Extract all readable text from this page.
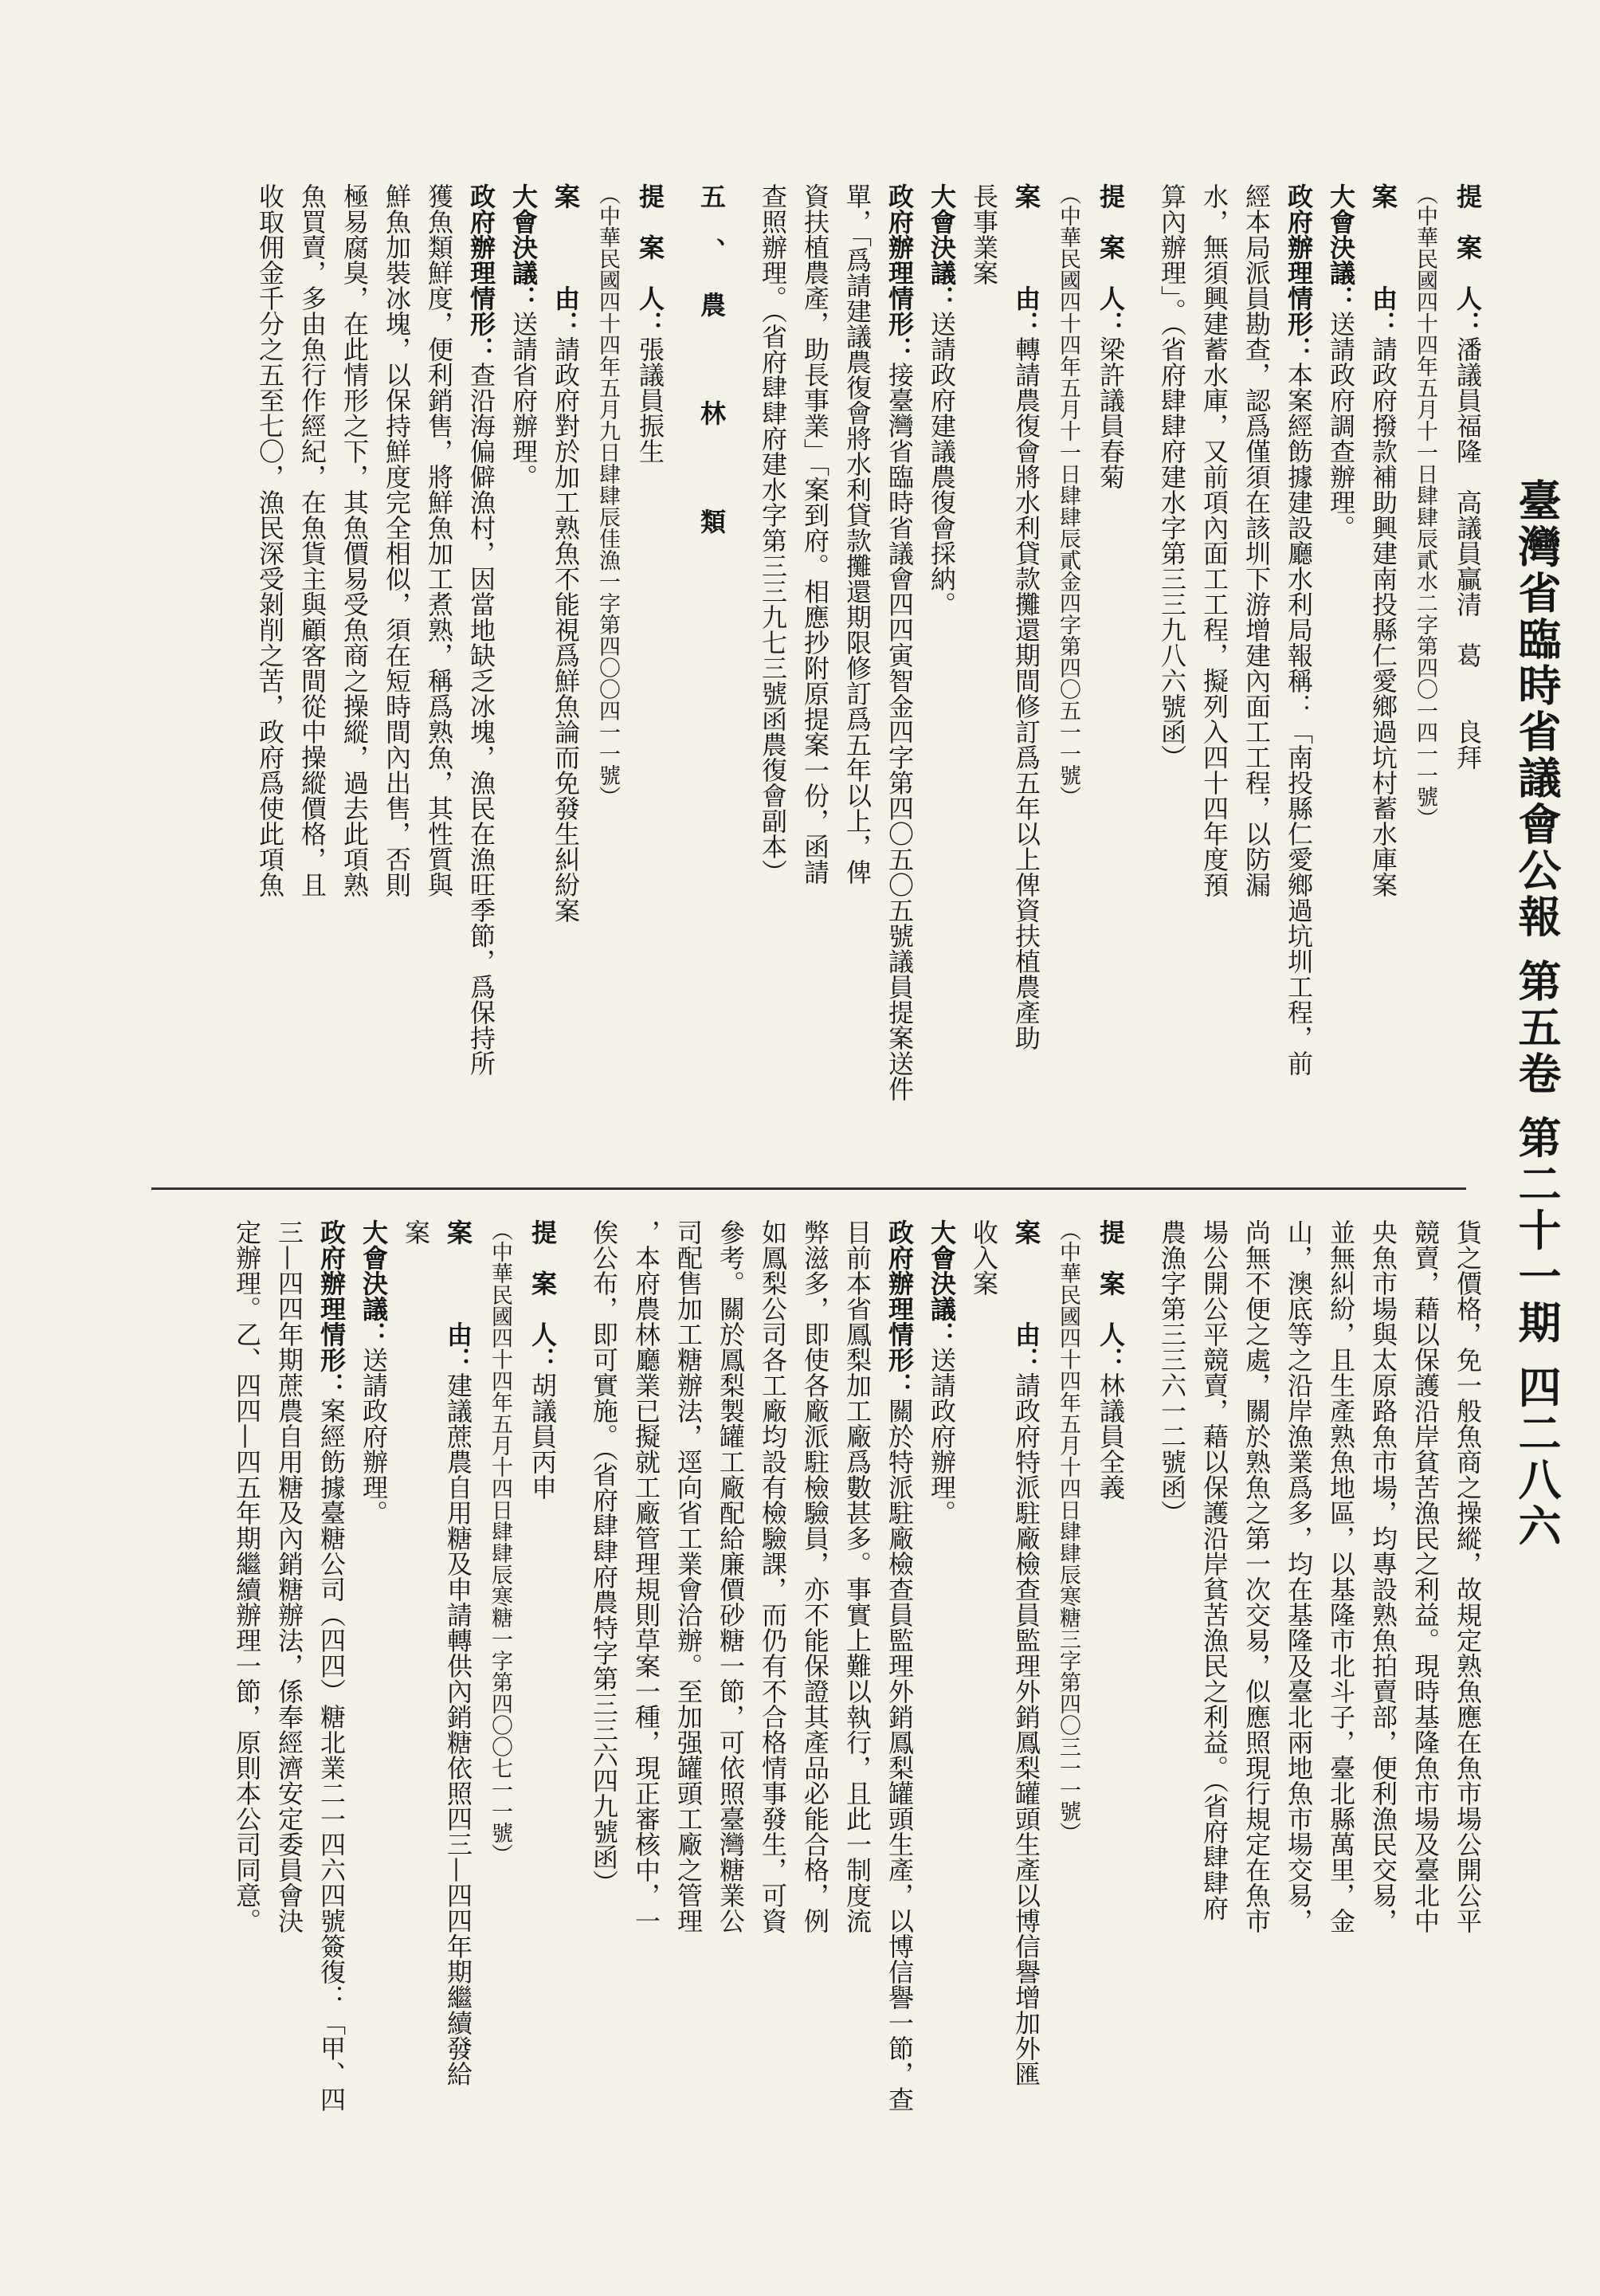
臺灣省臨時省議會公報 第五卷 第二十一期 四二八六
提　案　人：潘議員福隆　高議員贏清　葛　　良拜
（中華民國四十四年五月十一日肆肆辰貳水二字第四〇一四一一號）
案　　　由：請政府撥款補助興建南投縣仁愛鄉過坑村蓄水庫案
大會決議：送請政府調查辦理。
政府辦理情形：本案經飭據建設廳水利局報稱：「南投縣仁愛鄉過坑圳工程，前
經本局派員勘查，認爲僅須在該圳下游增建內面工工程，以防漏
水，無須興建蓄水庫，又前項內面工工程，擬列入四十四年度預
算內辦理」。（省府肆肆府建水字第三三九八六號函）
提　案　人：梁許議員春菊
（中華民國四十四年五月十一日肆肆辰貳金四字第四〇五一一號）
案　　　由：轉請農復會將水利貸款攤還期間修訂爲五年以上俾資扶植農產助
長事業案
大會決議：送請政府建議農復會採納。
政府辦理情形：接臺灣省臨時省議會四四寅智金四字第四〇五〇五號議員提案送件
單，「爲請建議農復會將水利貸款攤還期限修訂爲五年以上，俾
資扶植農產，助長事業」「案到府。相應抄附原提案一份，函請
查照辦理。（省府肆肆府建水字第三三九七三號函農復會副本）
五、農　林　類
提　案　人：張議員振生
（中華民國四十四年五月九日肆肆辰佳漁一字第四〇〇四一一號）
案　　　由：請政府對於加工熟魚不能視爲鮮魚論而免發生糾紛案
大會決議：送請省府辦理。
政府辦理情形：查沿海偏僻漁村，因當地缺乏冰塊，漁民在漁旺季節，爲保持所
獲魚類鮮度，便利銷售，將鮮魚加工煮熟，稱爲熟魚，其性質與
鮮魚加裝冰塊，以保持鮮度完全相似，須在短時間內出售，否則
極易腐臭，在此情形之下，其魚價易受魚商之操縱，過去此項熟
魚買賣，多由魚行作經紀，在魚貨主與顧客間從中操縱價格，且
收取佣金千分之五至七〇，漁民深受剝削之苦，政府爲使此項魚
貨之價格，免一般魚商之操縱，故規定熟魚應在魚市場公開公平
競賣，藉以保護沿岸貧苦漁民之利益。現時基隆魚市場及臺北中
央魚市場與太原路魚市場，均專設熟魚拍賣部，便利漁民交易，
並無糾紛，且生產熟魚地區，以基隆市北斗子，臺北縣萬里，金
山，澳底等之沿岸漁業爲多，均在基隆及臺北兩地魚市場交易，
尚無不便之處，關於熟魚之第一次交易，似應照現行規定在魚市
場公開公平競賣，藉以保護沿岸貧苦漁民之利益。（省府肆肆府
農漁字第三三六一二號函）
提　案　人：林議員全義
（中華民國四十四年五月十四日肆肆辰寒糖三字第四〇三一一號）
案　　　由：請政府特派駐廠檢查員監理外銷鳳梨罐頭生產以博信譽增加外匯
收入案
大會決議：送請政府辦理。
政府辦理情形：關於特派駐廠檢查員監理外銷鳳梨罐頭生產，以博信譽一節，查
目前本省鳳梨加工廠爲數甚多。事實上難以執行，且此一制度流
弊滋多，即使各廠派駐檢驗員，亦不能保證其產品必能合格，例
如鳳梨公司各工廠均設有檢驗課，而仍有不合格情事發生，可資
參考。關於鳳梨製罐工廠配給廉價砂糖一節，可依照臺灣糖業公
司配售加工糖辦法，逕向省工業會洽辦。至加强罐頭工廠之管理
，本府農林廳業已擬就工廠管理規則草案一種，現正審核中，一
俟公布，即可實施。（省府肆肆府農特字第三三六四九號函）
提　案　人：胡議員丙申
（中華民國四十四年五月十四日肆肆辰寒糖一字第四〇〇七一一號）
案　　　由：建議蔗農自用糖及申請轉供內銷糖依照四三—四四年期繼續發給
案
大會決議：送請政府辦理。
政府辦理情形：案經飭據臺糖公司（四四）糖北業二一四六四號簽復：「甲、四
三—四四年期蔗農自用糖及內銷糖辦法，係奉經濟安定委員會決
定辦理。乙、四四—四五年期繼續辦理一節，原則本公司同意。
